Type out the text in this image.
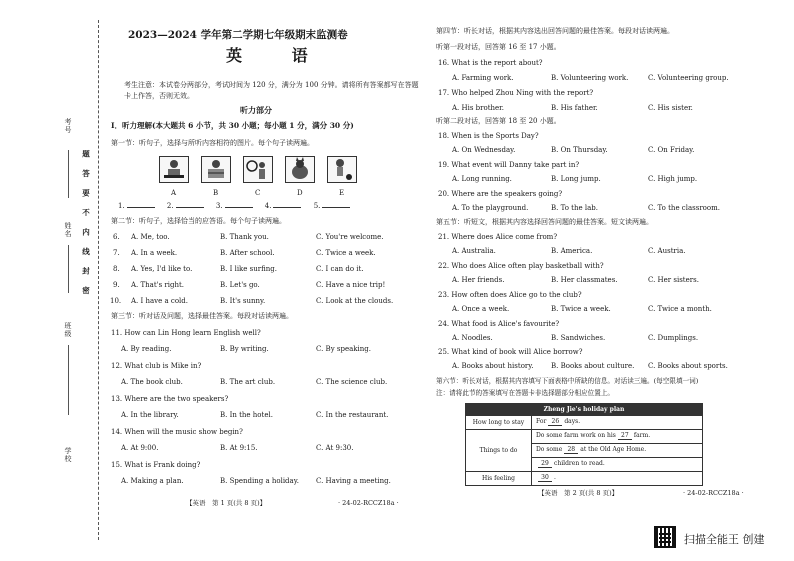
考号
姓名
班级
学校
题答要不内线封密
2023—2024 学年第二学期七年级期末监测卷
英 语
考生注意：本试卷分两部分，考试时间为 120 分，满分为 100 分钟。请将所有答案都写在答题卡上作答，否则无效。
听力部分
Ⅰ．听力理解(本大题共 6 小节，共 30 小题；每小题 1 分，满分 30 分)
第一节：听句子，选择与所听内容相符的图片。每个句子读两遍。
A	B	C	D	E
1.	2.	3.	4.	5.
第二节：听句子，选择恰当的应答语。每个句子读两遍。
6. A. Me, too.	B. Thank you.	C. You're welcome.
7. A. In a week.	B. After school.	C. Twice a week.
8. A. Yes, I'd like to.	B. I like surfing.	C. I can do it.
9. A. That's right.	B. Let's go.	C. Have a nice trip!
10. A. I have a cold.	B. It's sunny.	C. Look at the clouds.
第三节：听对话及问题，选择最佳答案。每段对话读两遍。
11. How can Lin Hong learn English well?
A. By reading.	B. By writing.	C. By speaking.
12. What club is Mike in?
A. The book club.	B. The art club.	C. The science club.
13. Where are the two speakers?
A. In the library.	B. In the hotel.	C. In the restaurant.
14. When will the music show begin?
A. At 9:00.	B. At 9:15.	C. At 9:30.
15. What is Frank doing?
A. Making a plan.	B. Spending a holiday. C. Having a meeting.
【英语　第 1 页(共 8 页)】	· 24-02-RCCZ18a ·
第四节：听长对话，根据其内容选出回答问题的最佳答案。每段对话读两遍。
听第一段对话，回答第 16 至 17 小题。
16. What is the report about?
A. Farming work.	B. Volunteering work.	C. Volunteering group.
17. Who helped Zhou Ning with the report?
A. His brother.	B. His father.	C. His sister.
听第二段对话，回答第 18 至 20 小题。
18. When is the Sports Day?
A. On Wednesday.	B. On Thursday.	C. On Friday.
19. What event will Danny take part in?
A. Long running.	B. Long jump.	C. High jump.
20. Where are the speakers going?
A. To the playground.	B. To the lab.	C. To the classroom.
第五节：听短文，根据其内容选择回答问题的最佳答案。短文读两遍。
21. Where does Alice come from?
A. Australia.	B. America.	C. Austria.
22. Who does Alice often play basketball with?
A. Her friends.	B. Her classmates.	C. Her sisters.
23. How often does Alice go to the club?
A. Once a week.	B. Twice a week.	C. Twice a month.
24. What food is Alice's favourite?
A. Noodles.	B. Sandwiches.	C. Dumplings.
25. What kind of book will Alice borrow?
A. Books about history. B. Books about culture. C. Books about sports.
第六节：听长对话，根据其内容填写下面表格中所缺的信息。对话读三遍。(每空限填一词)
注：请将此节的答案填写在答题卡非选择题部分相应位置上。
Zheng Jie's holiday plan	
How long to stay	For 26 days.
Things to do	Do some farm work on his 27 farm.
	Do some 28 at the Old Age Home.
	29 children to read.
His feeling	30 .
【英语　第 2 页(共 8 页)】	· 24-02-RCCZ18a ·
扫描全能王 创建
